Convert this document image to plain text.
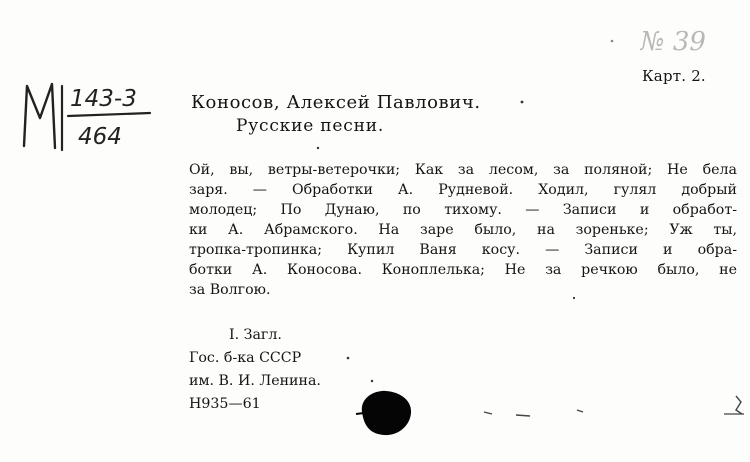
№ 39
143-3
464
Карт. 2.
Коносов, Алексей Павлович.
Русские песни.
Ой, вы, ветры-ветерочки; Как за лесом, за поляной; Не бела
заря. — Обработки А. Рудневой. Ходил, гулял добрый
молодец; По Дунаю, по тихому. — Записи и обработ-
ки А. Абрамского. На заре было, на зореньке; Уж ты,
тропка-тропинка; Купил Ваня косу. — Записи и обра-
ботки А. Коносова. Коноплелька; Не за речкою было, не
за Волгою.
I. Загл.
Гос. б-ка СССР
им. В. И. Ленина.
Н935—61
